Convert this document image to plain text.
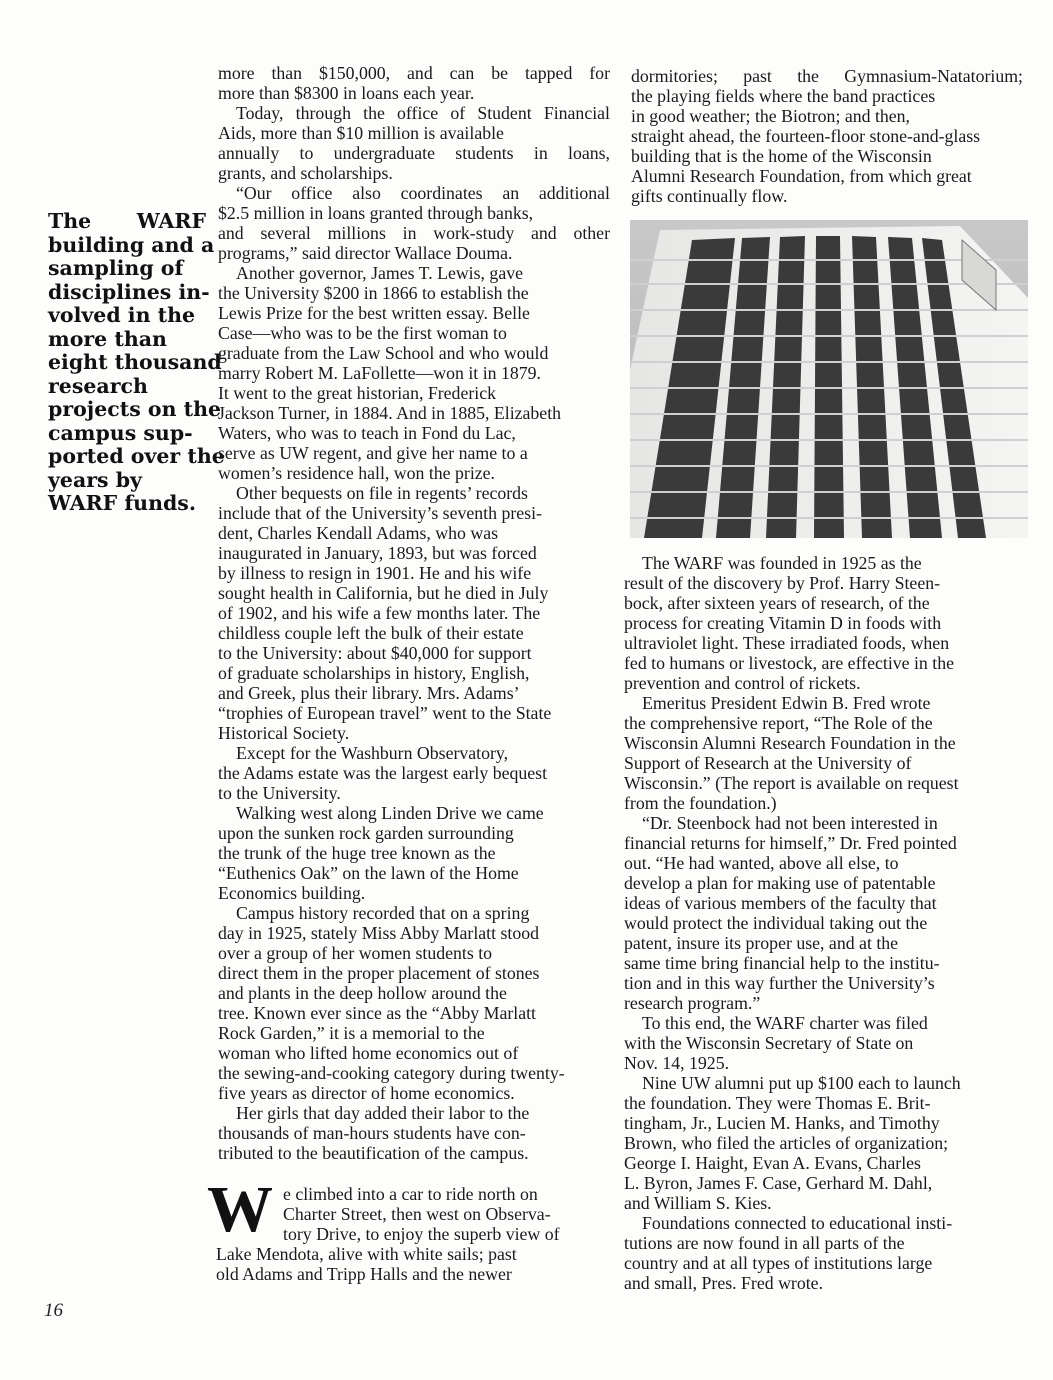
The WARF
building and a
sampling of
disciplines in-
volved in the
more than
eight thousand
research
projects on the
campus sup-
ported over the
years by
WARF funds.
more than $150,000, and can be tapped for
more than $8300 in loans each year.
Today, through the office of Student Financial
Aids, more than $10 million is available
annually to undergraduate students in loans,
grants, and scholarships.
“Our office also coordinates an additional
$2.5 million in loans granted through banks,
and several millions in work-study and other
programs,” said director Wallace Douma.
Another governor, James T. Lewis, gave
the University $200 in 1866 to establish the
Lewis Prize for the best written essay. Belle
Case—who was to be the first woman to
graduate from the Law School and who would
marry Robert M. LaFollette—won it in 1879.
It went to the great historian, Frederick
Jackson Turner, in 1884. And in 1885, Elizabeth
Waters, who was to teach in Fond du Lac,
serve as UW regent, and give her name to a
women’s residence hall, won the prize.
Other bequests on file in regents’ records
include that of the University’s seventh presi-
dent, Charles Kendall Adams, who was
inaugurated in January, 1893, but was forced
by illness to resign in 1901. He and his wife
sought health in California, but he died in July
of 1902, and his wife a few months later. The
childless couple left the bulk of their estate
to the University: about $40,000 for support
of graduate scholarships in history, English,
and Greek, plus their library. Mrs. Adams’
“trophies of European travel” went to the State
Historical Society.
Except for the Washburn Observatory,
the Adams estate was the largest early bequest
to the University.
Walking west along Linden Drive we came
upon the sunken rock garden surrounding
the trunk of the huge tree known as the
“Euthenics Oak” on the lawn of the Home
Economics building.
Campus history recorded that on a spring
day in 1925, stately Miss Abby Marlatt stood
over a group of her women students to
direct them in the proper placement of stones
and plants in the deep hollow around the
tree. Known ever since as the “Abby Marlatt
Rock Garden,” it is a memorial to the
woman who lifted home economics out of
the sewing-and-cooking category during twenty-
five years as director of home economics.
Her girls that day added their labor to the
thousands of man-hours students have con-
tributed to the beautification of the campus.
W e climbed into a car to ride north on
Charter Street, then west on Observa-
tory Drive, to enjoy the superb view of
Lake Mendota, alive with white sails; past
old Adams and Tripp Halls and the newer
dormitories; past the Gymnasium-Natatorium;
the playing fields where the band practices
in good weather; the Biotron; and then,
straight ahead, the fourteen-floor stone-and-glass
building that is the home of the Wisconsin
Alumni Research Foundation, from which great
gifts continually flow.
The WARF was founded in 1925 as the
result of the discovery by Prof. Harry Steen-
bock, after sixteen years of research, of the
process for creating Vitamin D in foods with
ultraviolet light. These irradiated foods, when
fed to humans or livestock, are effective in the
prevention and control of rickets.
Emeritus President Edwin B. Fred wrote
the comprehensive report, “The Role of the
Wisconsin Alumni Research Foundation in the
Support of Research at the University of
Wisconsin.” (The report is available on request
from the foundation.)
“Dr. Steenbock had not been interested in
financial returns for himself,” Dr. Fred pointed
out. “He had wanted, above all else, to
develop a plan for making use of patentable
ideas of various members of the faculty that
would protect the individual taking out the
patent, insure its proper use, and at the
same time bring financial help to the institu-
tion and in this way further the University’s
research program.”
To this end, the WARF charter was filed
with the Wisconsin Secretary of State on
Nov. 14, 1925.
Nine UW alumni put up $100 each to launch
the foundation. They were Thomas E. Brit-
tingham, Jr., Lucien M. Hanks, and Timothy
Brown, who filed the articles of organization;
George I. Haight, Evan A. Evans, Charles
L. Byron, James F. Case, Gerhard M. Dahl,
and William S. Kies.
Foundations connected to educational insti-
tutions are now found in all parts of the
country and at all types of institutions large
and small, Pres. Fred wrote.
16
